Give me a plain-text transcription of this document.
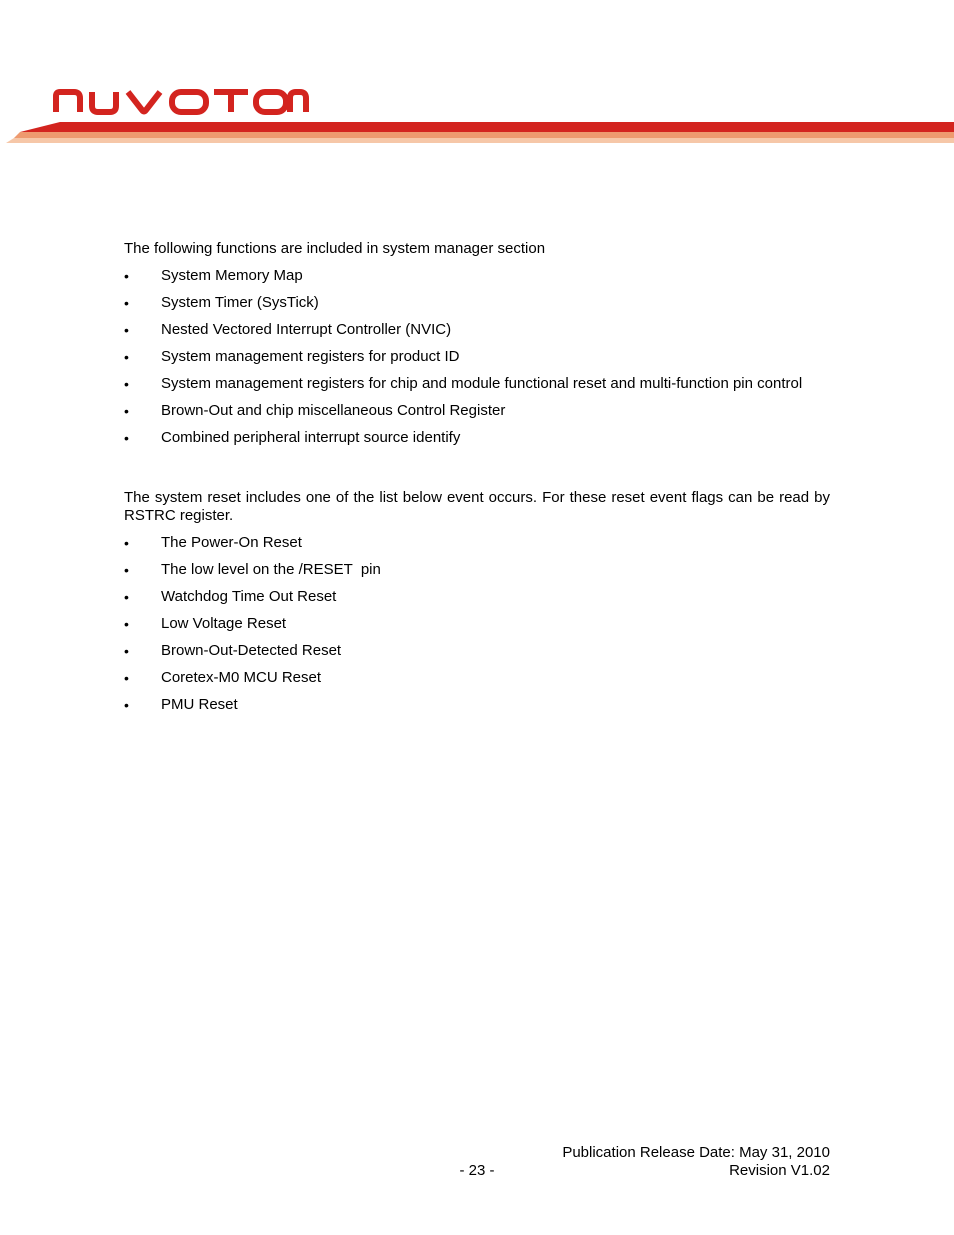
The following functions are included in system manager section

• System Memory Map
• System Timer (SysTick)
• Nested Vectored Interrupt Controller (NVIC)
• System management registers for product ID
• System management registers for chip and module functional reset and multi-function pin control
• Brown-Out and chip miscellaneous Control Register
• Combined peripheral interrupt source identify

The system reset includes one of the list below event occurs. For these reset event flags can be read by RSTRC register.

• The Power-On Reset
• The low level on the /RESET  pin
• Watchdog Time Out Reset
• Low Voltage Reset
• Brown-Out-Detected Reset
• Coretex-M0 MCU Reset
• PMU Reset
Publication Release Date: May 31, 2010
- 23 -	Revision V1.02
